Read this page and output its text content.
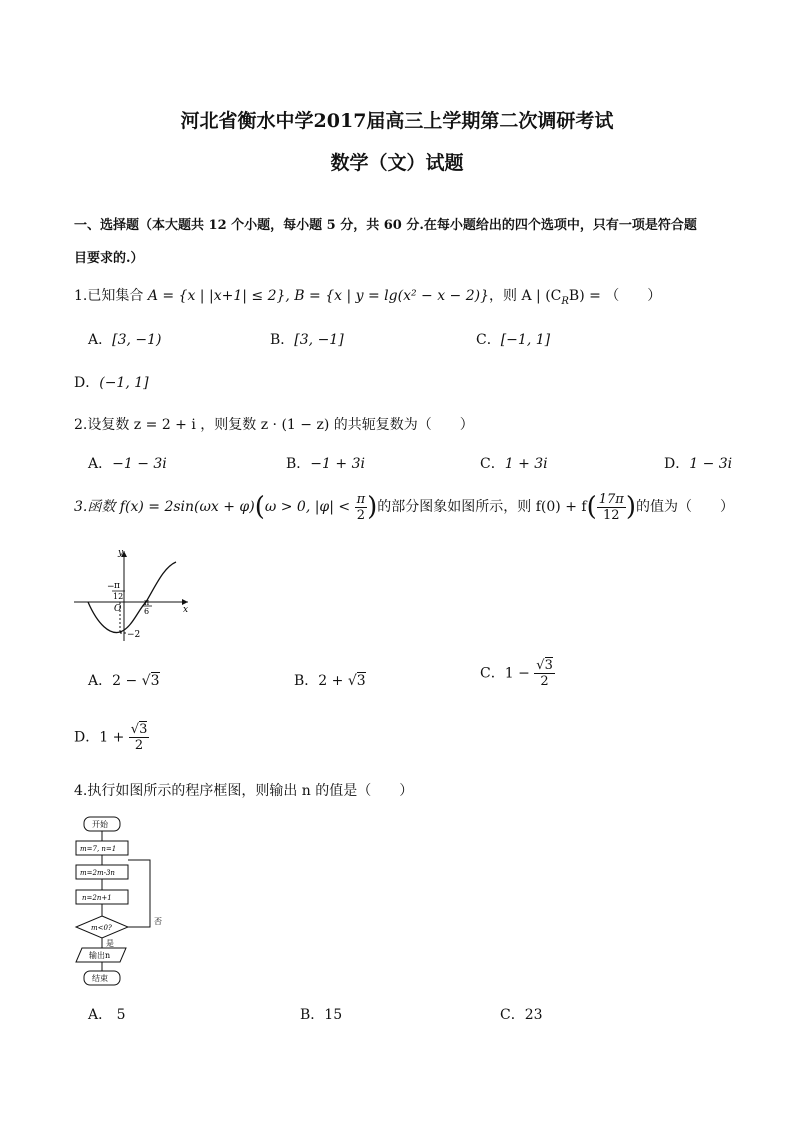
河北省衡水中学2017届高三上学期第二次调研考试
数学（文）试题
一、选择题（本大题共 12 个小题，每小题 5 分，共 60 分.在每小题给出的四个选项中，只有一项是符合题
目要求的.）
1.已知集合 A = {x | |x+1| ≤ 2}, B = {x | y = lg(x² − x − 2)}，则 A | $(C_RB)$ = （　　）
A．[3, −1)	B．[3, −1]	C．[−1, 1]
D．(−1, 1]
2.设复数 z = 2 + i ，则复数 z · (1 − z) 的共轭复数为（　　）
A．−1 − 3i	B．−1 + 3i	C．1 + 3i	D．1 − 3i
3.函数 f(x) = 2sin(ωx + φ)(ω > 0, $|\varphi| < \frac{\pi}{2}$ )的部分图象如图所示，则 $f(0) + f( \frac{17\pi}{12}$ )的值为（　　）
y
x
O
− π
12
π
6
−2
A．2 − √3	B．2 + √3	C．$1 - \frac{√3}{2}$
D．$1 + \frac{√3}{2}$
4.执行如图所示的程序框图，则输出 n 的值是（　　）
开始
m=7, n=1
m=2m-3n
n=2n+1
m<0?
否
是
输出n
结束
A． 5	B．15	C．23
